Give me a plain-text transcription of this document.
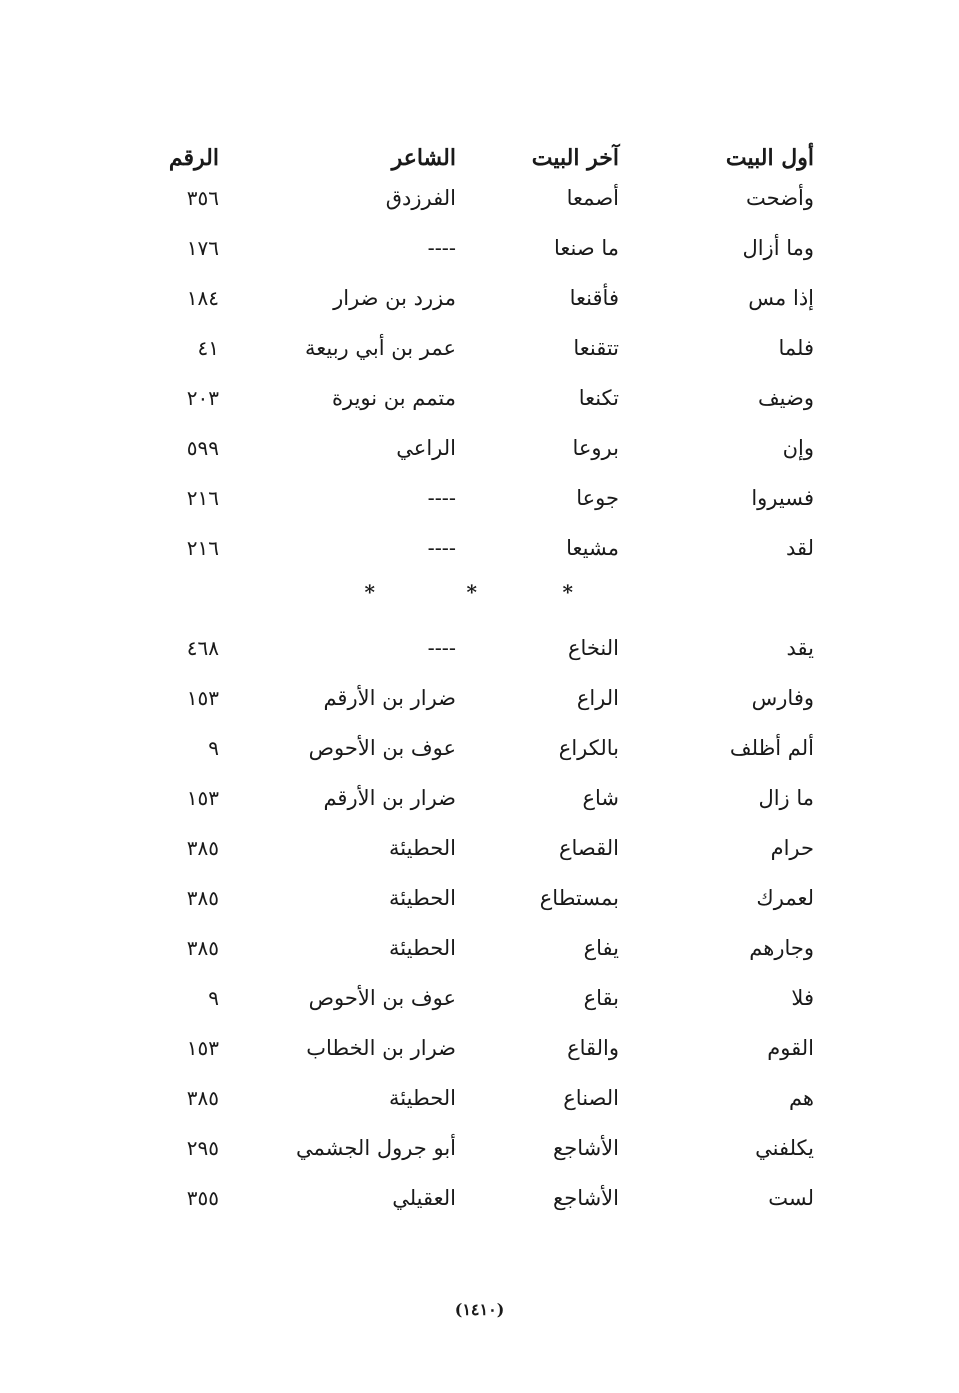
أول البيت
آخر البيت
الشاعر
الرقم
وأضحت
أصمعا
الفرزدق
٣٥٦
وما أزال
ما صنعا
----
١٧٦
إذا مس
فأقنعا
مزرد بن ضرار
١٨٤
فلما
تتقنعا
عمر بن أبي ربيعة
٤١
وضيف
تكنعا
متمم بن نويرة
٢٠٣
وإن
بروعا
الراعي
٥٩٩
فسيروا
جوعا
----
٢١٦
لقد
مشيعا
----
٢١٦
*
*
*
يقد
النخاع
----
٤٦٨
وفارس
الراع
ضرار بن الأرقم
١٥٣
ألم أظلف
بالكراع
عوف بن الأحوص
٩
ما زال
شاع
ضرار بن الأرقم
١٥٣
حرام
القصاع
الحطيئة
٣٨٥
لعمرك
بمستطاع
الحطيئة
٣٨٥
وجارهم
يفاع
الحطيئة
٣٨٥
فلا
بقاع
عوف بن الأحوص
٩
القوم
والقاع
ضرار بن الخطاب
١٥٣
هم
الصناع
الحطيئة
٣٨٥
يكلفني
الأشاجع
أبو جرول الجشمي
٢٩٥
لست
الأشاجع
العقيلي
٣٥٥
(١٤١٠)
